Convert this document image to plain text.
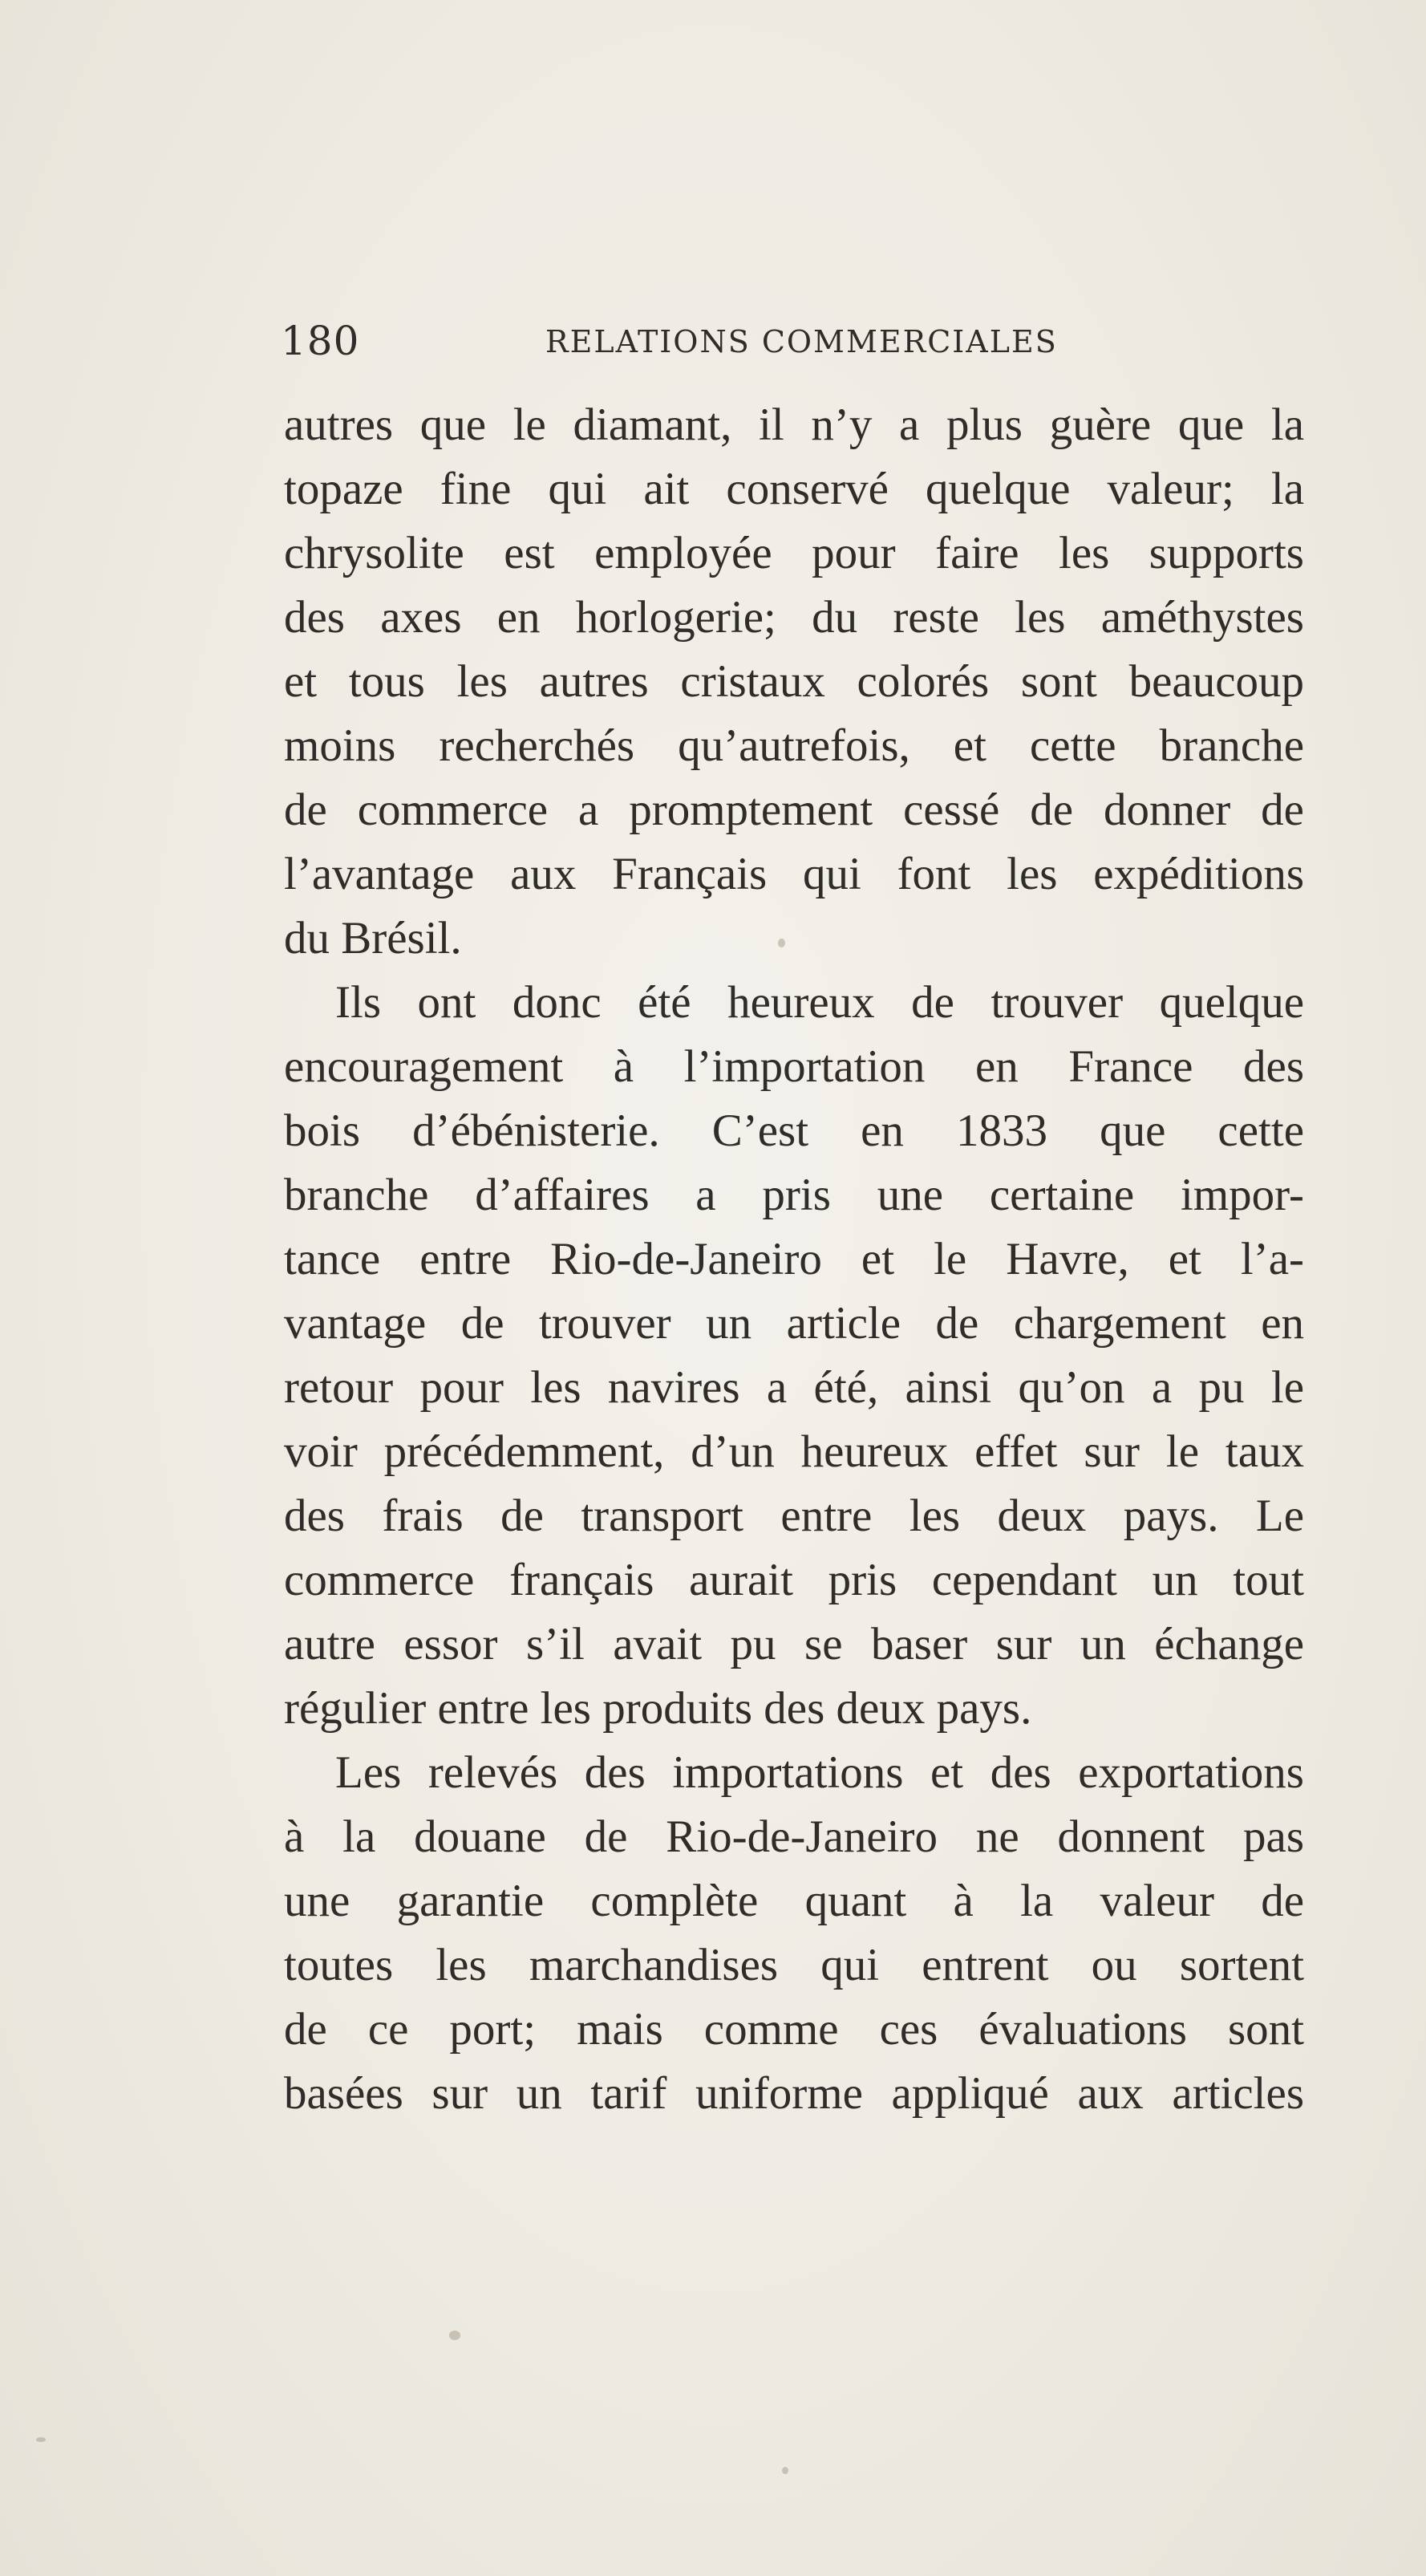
180	RELATIONS COMMERCIALES
autres que le diamant, il n’y a plus guère que la
topaze fine qui ait conservé quelque valeur; la
chrysolite est employée pour faire les supports
des axes en horlogerie; du reste les améthystes
et tous les autres cristaux colorés sont beaucoup
moins recherchés qu’autrefois, et cette branche
de commerce a promptement cessé de donner de
l’avantage aux Français qui font les expéditions
du Brésil.
Ils ont donc été heureux de trouver quelque
encouragement à l’importation en France des
bois d’ébénisterie. C’est en 1833 que cette
branche d’affaires a pris une certaine impor-
tance entre Rio-de-Janeiro et le Havre, et l’a-
vantage de trouver un article de chargement en
retour pour les navires a été, ainsi qu’on a pu le
voir précédemment, d’un heureux effet sur le taux
des frais de transport entre les deux pays. Le
commerce français aurait pris cependant un tout
autre essor s’il avait pu se baser sur un échange
régulier entre les produits des deux pays.
Les relevés des importations et des exportations
à la douane de Rio-de-Janeiro ne donnent pas
une garantie complète quant à la valeur de
toutes les marchandises qui entrent ou sortent
de ce port; mais comme ces évaluations sont
basées sur un tarif uniforme appliqué aux articles
